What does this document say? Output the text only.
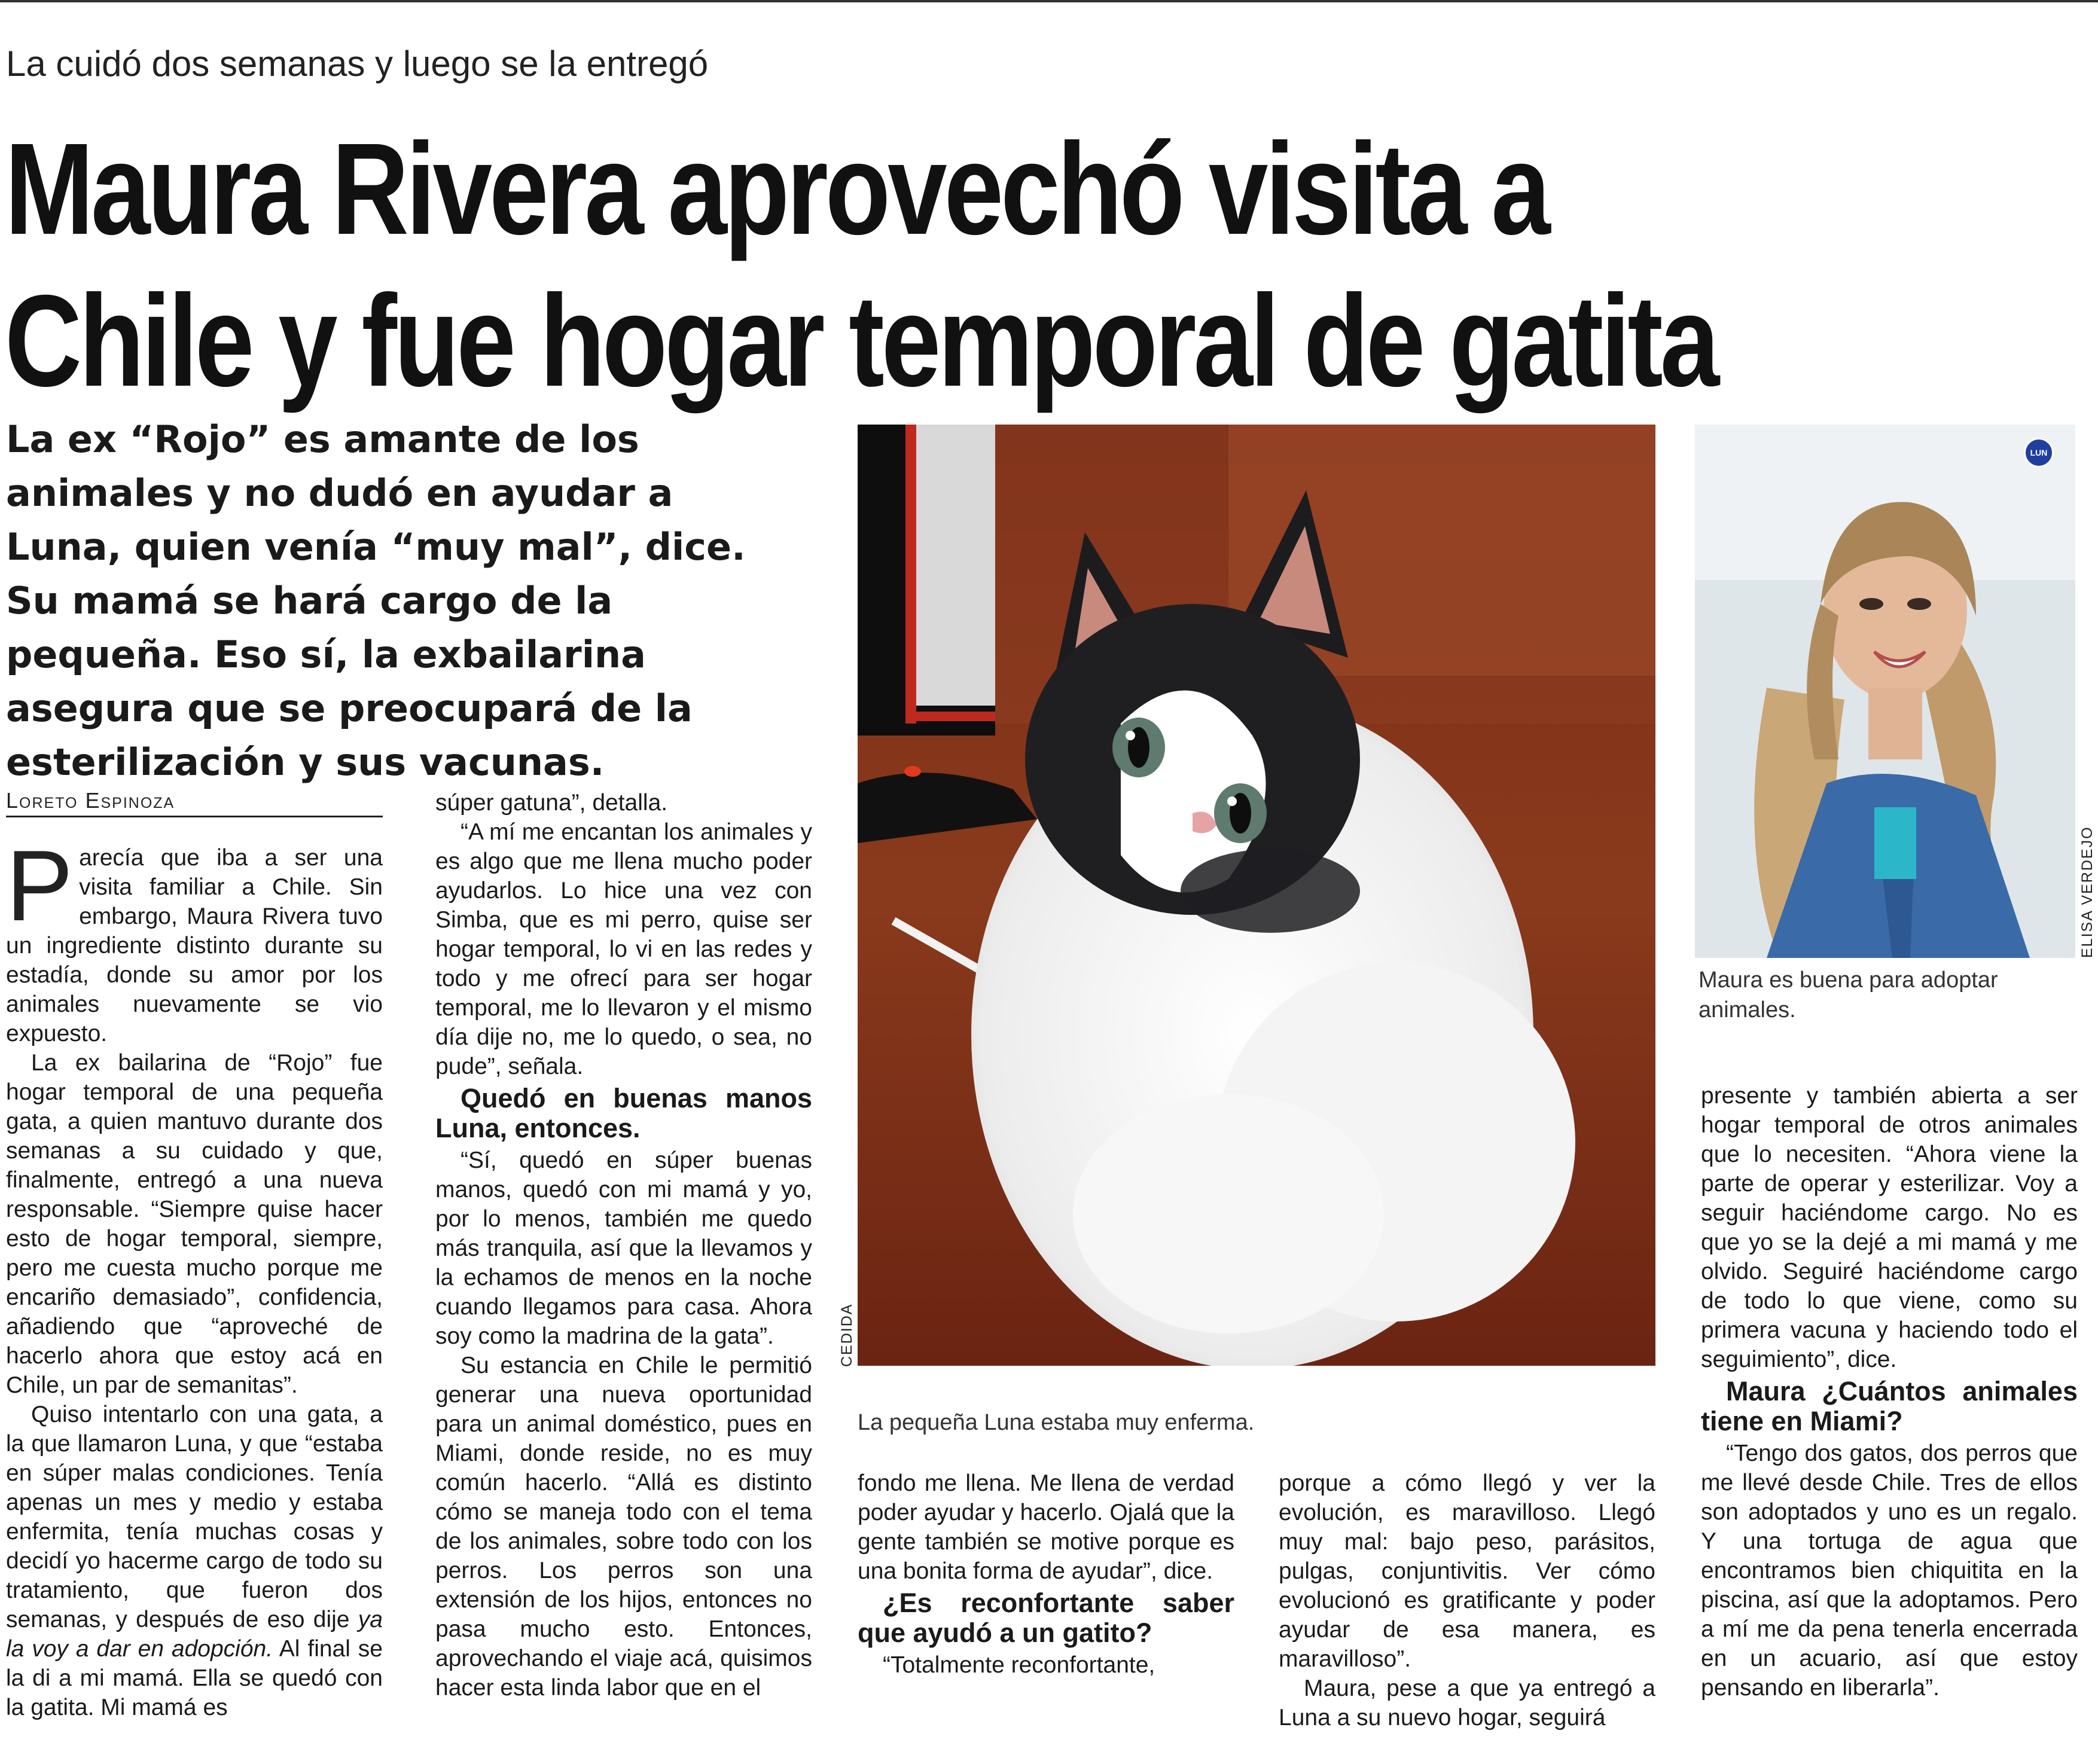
La cuidó dos semanas y luego se la entregó
Maura Rivera aprovechó visita a
Chile y fue hogar temporal de gatita
La ex “Rojo” es amante de los animales y no dudó en ayudar a Luna, quien venía “muy mal”, dice. Su mamá se hará cargo de la pequeña. Eso sí, la exbailarina asegura que se preocupará de la esterilización y sus vacunas.
Loreto Espinoza

Parecía que iba a ser una visita familiar a Chile. Sin embargo, Maura Rivera tuvo un ingrediente distinto durante su estadía, donde su amor por los animales nuevamente se vio expuesto.

La ex bailarina de “Rojo” fue hogar temporal de una pequeña gata, a quien mantuvo durante dos semanas a su cuidado y que, finalmente, entregó a una nueva responsable. “Siempre quise hacer esto de hogar temporal, siempre, pero me cuesta mucho porque me encariño demasiado”, confidencia, añadiendo que “aproveché de hacerlo ahora que estoy acá en Chile, un par de semanitas”.

Quiso intentarlo con una gata, a la que llamaron Luna, y que “estaba en súper malas condiciones. Tenía apenas un mes y medio y estaba enfermita, tenía muchas cosas y decidí yo hacerme cargo de todo su tratamiento, que fueron dos semanas, y después de eso dije ya la voy a dar en adopción. Al final se la di a mi mamá. Ella se quedó con la gatita. Mi mamá es

súper gatuna”, detalla.

“A mí me encantan los animales y es algo que me llena mucho poder ayudarlos. Lo hice una vez con Simba, que es mi perro, quise ser hogar temporal, lo vi en las redes y todo y me ofrecí para ser hogar temporal, me lo llevaron y el mismo día dije no, me lo quedo, o sea, no pude”, señala.

Quedó en buenas manos Luna, entonces.

“Sí, quedó en súper buenas manos, quedó con mi mamá y yo, por lo menos, también me quedo más tranquila, así que la llevamos y la echamos de menos en la noche cuando llegamos para casa. Ahora soy como la madrina de la gata”.

Su estancia en Chile le permitió generar una nueva oportunidad para un animal doméstico, pues en Miami, donde reside, no es muy común hacerlo. “Allá es distinto cómo se maneja todo con el tema de los animales, sobre todo con los perros. Los perros son una extensión de los hijos, entonces no pasa mucho esto. Entonces, aprovechando el viaje acá, quisimos hacer esta linda labor que en el

CEDIDA
La pequeña Luna estaba muy enferma.
LUN
ELISA VERDEJO
Maura es buena para adoptar animales.

fondo me llena. Me llena de verdad poder ayudar y hacerlo. Ojalá que la gente también se motive porque es una bonita forma de ayudar”, dice.

¿Es reconfortante saber que ayudó a un gatito?

“Totalmente reconfortante,

porque a cómo llegó y ver la evolución, es maravilloso. Llegó muy mal: bajo peso, parásitos, pulgas, conjuntivitis. Ver cómo evolucionó es gratificante y poder ayudar de esa manera, es maravilloso”.

Maura, pese a que ya entregó a Luna a su nuevo hogar, seguirá

presente y también abierta a ser hogar temporal de otros animales que lo necesiten. “Ahora viene la parte de operar y esterilizar. Voy a seguir haciéndome cargo. No es que yo se la dejé a mi mamá y me olvido. Seguiré haciéndome cargo de todo lo que viene, como su primera vacuna y haciendo todo el seguimiento”, dice.

Maura ¿Cuántos animales tiene en Miami?

“Tengo dos gatos, dos perros que me llevé desde Chile. Tres de ellos son adoptados y uno es un regalo. Y una tortuga de agua que encontramos bien chiquitita en la piscina, así que la adoptamos. Pero a mí me da pena tenerla encerrada en un acuario, así que estoy pensando en liberarla”.
